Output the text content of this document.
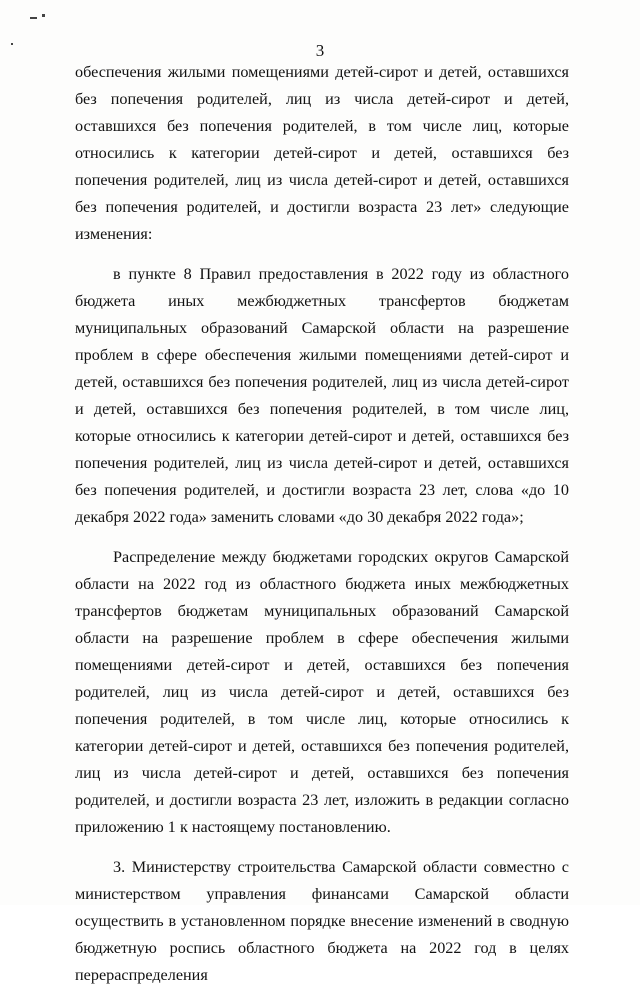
3

обеспечения жилыми помещениями детей-сирот и детей, оставшихся без попечения родителей, лиц из числа детей-сирот и детей, оставшихся без попечения родителей, в том числе лиц, которые относились к категории детей-сирот и детей, оставшихся без попечения родителей, лиц из числа детей-сирот и детей, оставшихся без попечения родителей, и достигли возраста 23 лет» следующие изменения:

в пункте 8 Правил предоставления в 2022 году из областного бюджета иных межбюджетных трансфертов бюджетам муниципальных образований Самарской области на разрешение проблем в сфере обеспечения жилыми помещениями детей-сирот и детей, оставшихся без попечения родителей, лиц из числа детей-сирот и детей, оставшихся без попечения родителей, в том числе лиц, которые относились к категории детей-сирот и детей, оставшихся без попечения родителей, лиц из числа детей-сирот и детей, оставшихся без попечения родителей, и достигли возраста 23 лет, слова «до 10 декабря 2022 года» заменить словами «до 30 декабря 2022 года»;

Распределение между бюджетами городских округов Самарской области на 2022 год из областного бюджета иных межбюджетных трансфертов бюджетам муниципальных образований Самарской области на разрешение проблем в сфере обеспечения жилыми помещениями детей-сирот и детей, оставшихся без попечения родителей, лиц из числа детей-сирот и детей, оставшихся без попечения родителей, в том числе лиц, которые относились к категории детей-сирот и детей, оставшихся без попечения родителей, лиц из числа детей-сирот и детей, оставшихся без попечения родителей, и достигли возраста 23 лет, изложить в редакции согласно приложению 1 к настоящему постановлению.

3. Министерству строительства Самарской области совместно с министерством управления финансами Самарской области осуществить в установленном порядке внесение изменений в сводную бюджетную роспись областного бюджета на 2022 год в целях перераспределения
